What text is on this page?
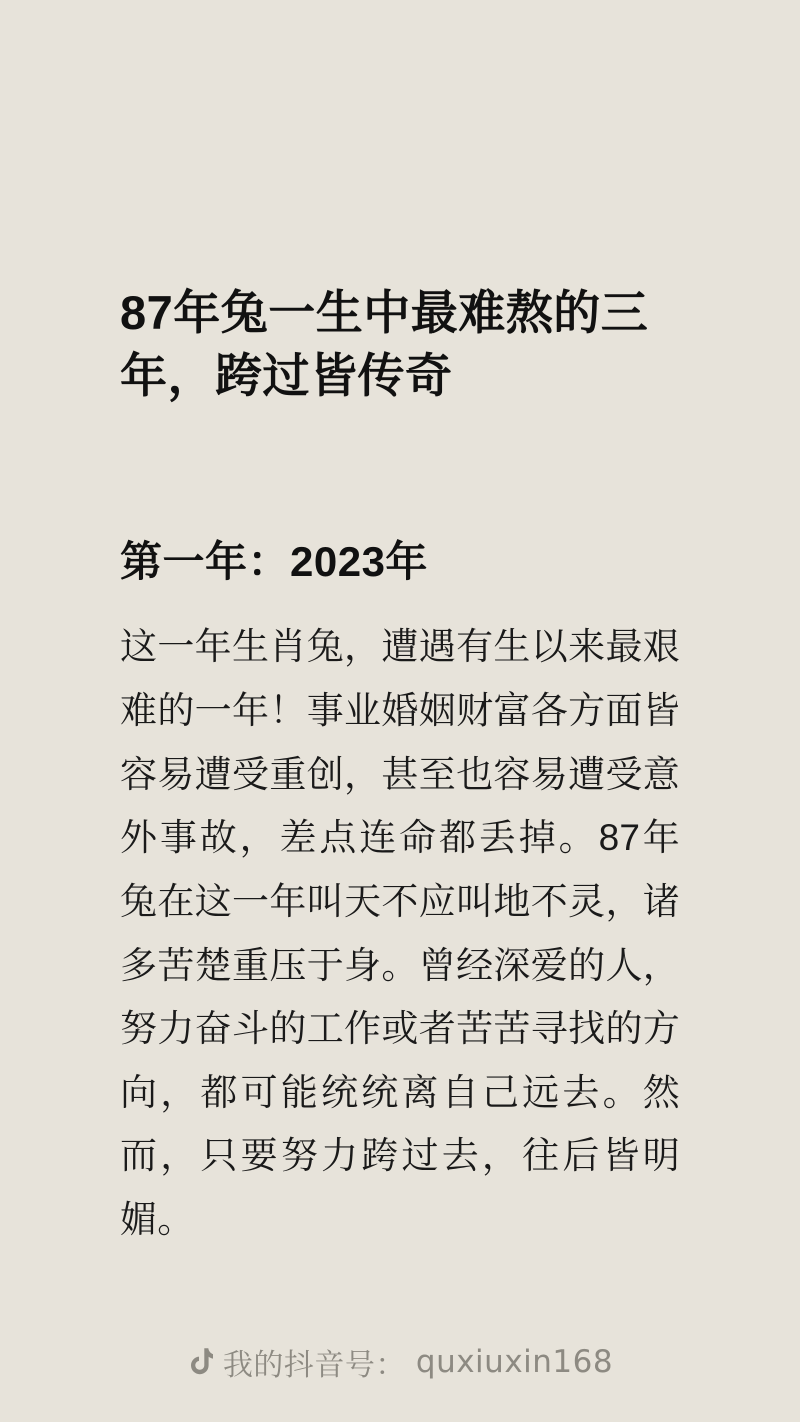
87年兔一生中最难熬的三年，跨过皆传奇
第一年：2023年

这一年生肖兔，遭遇有生以来最艰难的一年！事业婚姻财富各方面皆容易遭受重创，甚至也容易遭受意外事故，差点连命都丢掉。87年兔在这一年叫天不应叫地不灵，诸多苦楚重压于身。曾经深爱的人，努力奋斗的工作或者苦苦寻找的方向，都可能统统离自己远去。然而，只要努力跨过去，往后皆明媚。

我的抖音号： quxiuxin168
